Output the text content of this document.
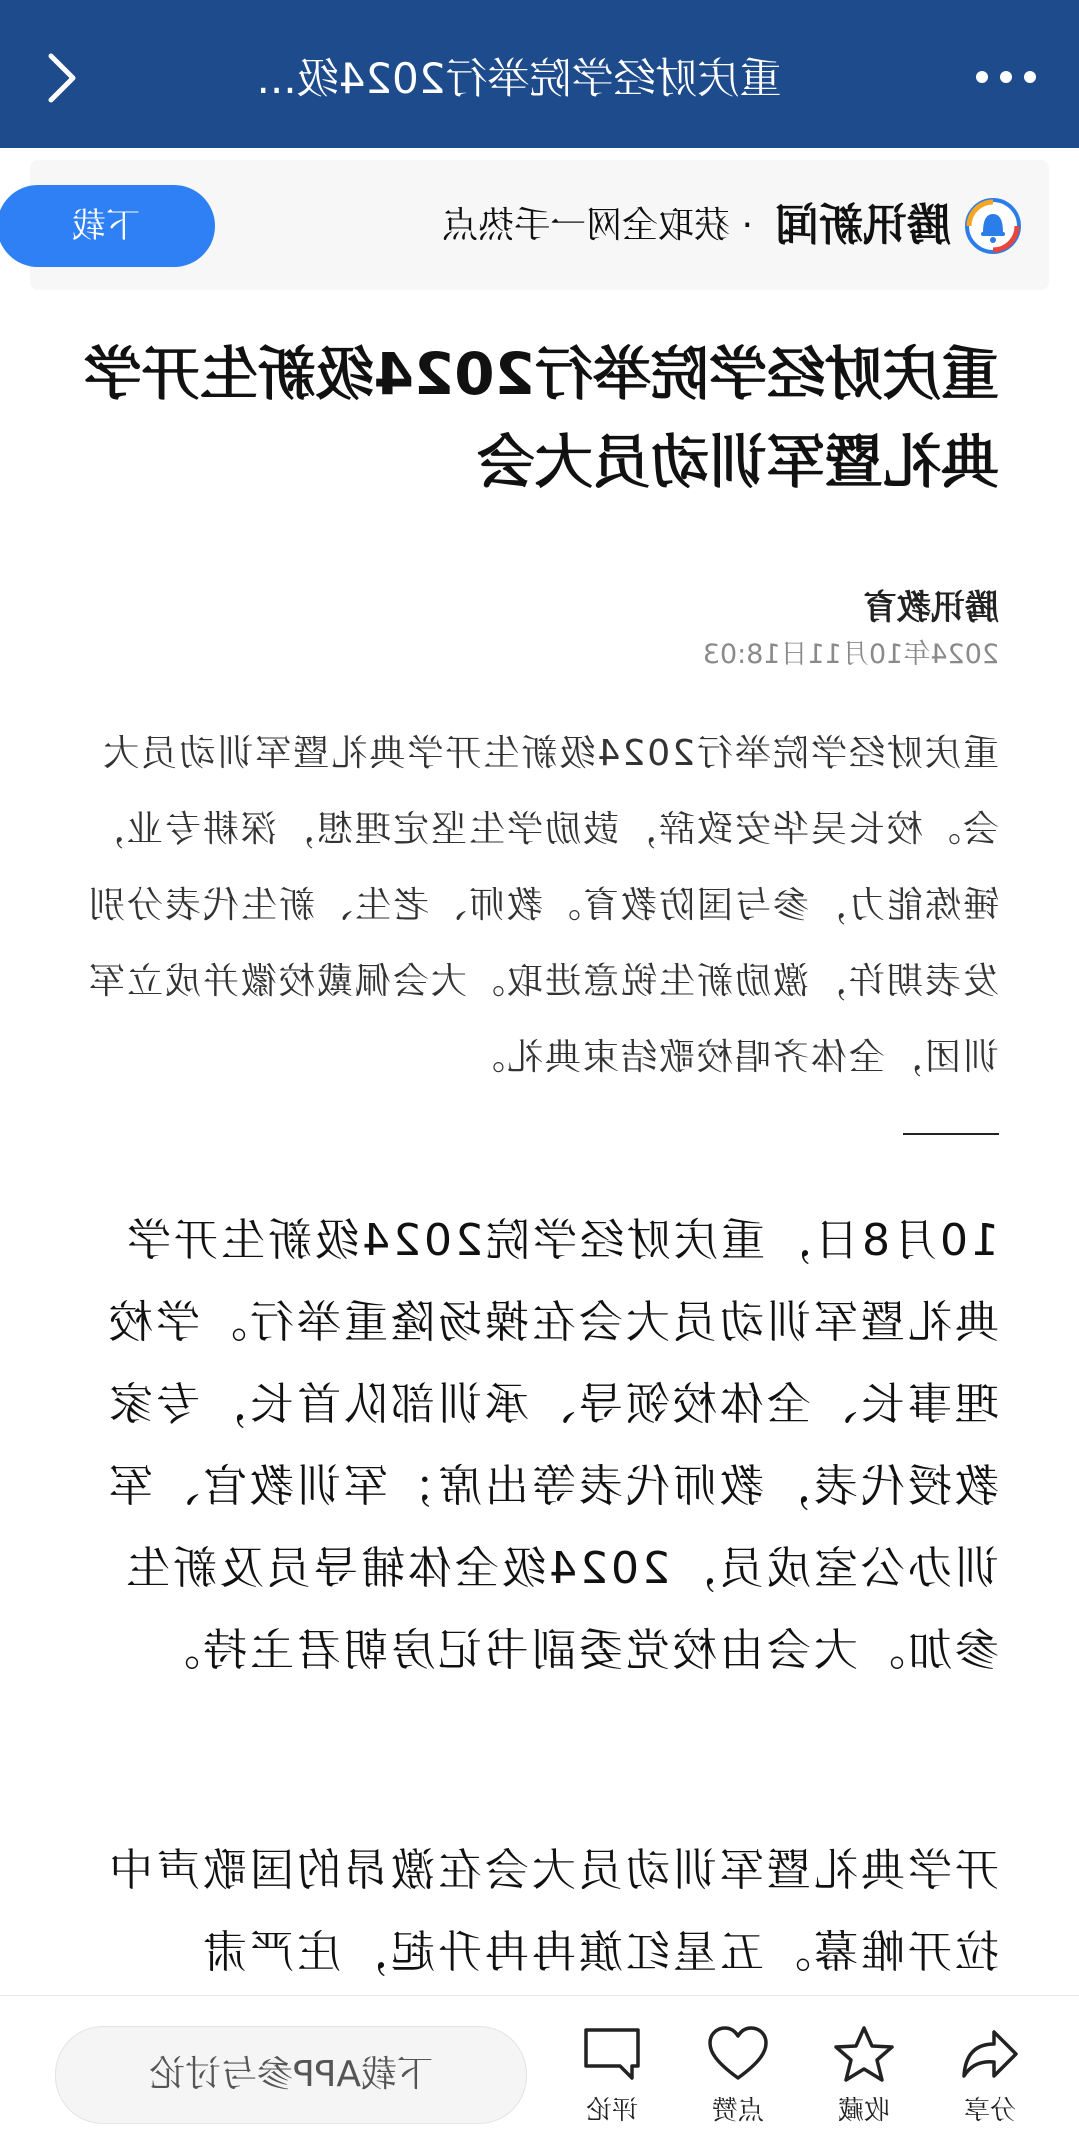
重庆财经学院举行2024级...
腾讯新闻
· 获取全网一手热点
下载
重庆财经学院举行2024级新生开学典礼暨军训动员大会
腾讯教育
2024年10月11日18:03
重庆财经学院举行2024级新生开学典礼暨军训动员大会。校长吴华安致辞，鼓励学生坚定理想，深耕专业，锤炼能力，参与国防教育。教师、老生、新生代表分别发表期许，激励新生锐意进取。大会佩戴校徽并成立军训团，全体齐唱校歌结束典礼。
10月8日，重庆财经学院2024级新生开学典礼暨军训动员大会在操场隆重举行。学校理事长、全体校领导、承训部队首长，专家教授代表，教师代表等出席；军训教官、军训办公室成员，2024级全体辅导员及新生参加。大会由校党委副书记房朝君主持。
开学典礼暨军训动员大会在激昂的国歌声中拉开帷幕。五星红旗冉冉升起，庄严肃
分享
收藏
点赞
评论
下载APP参与讨论
